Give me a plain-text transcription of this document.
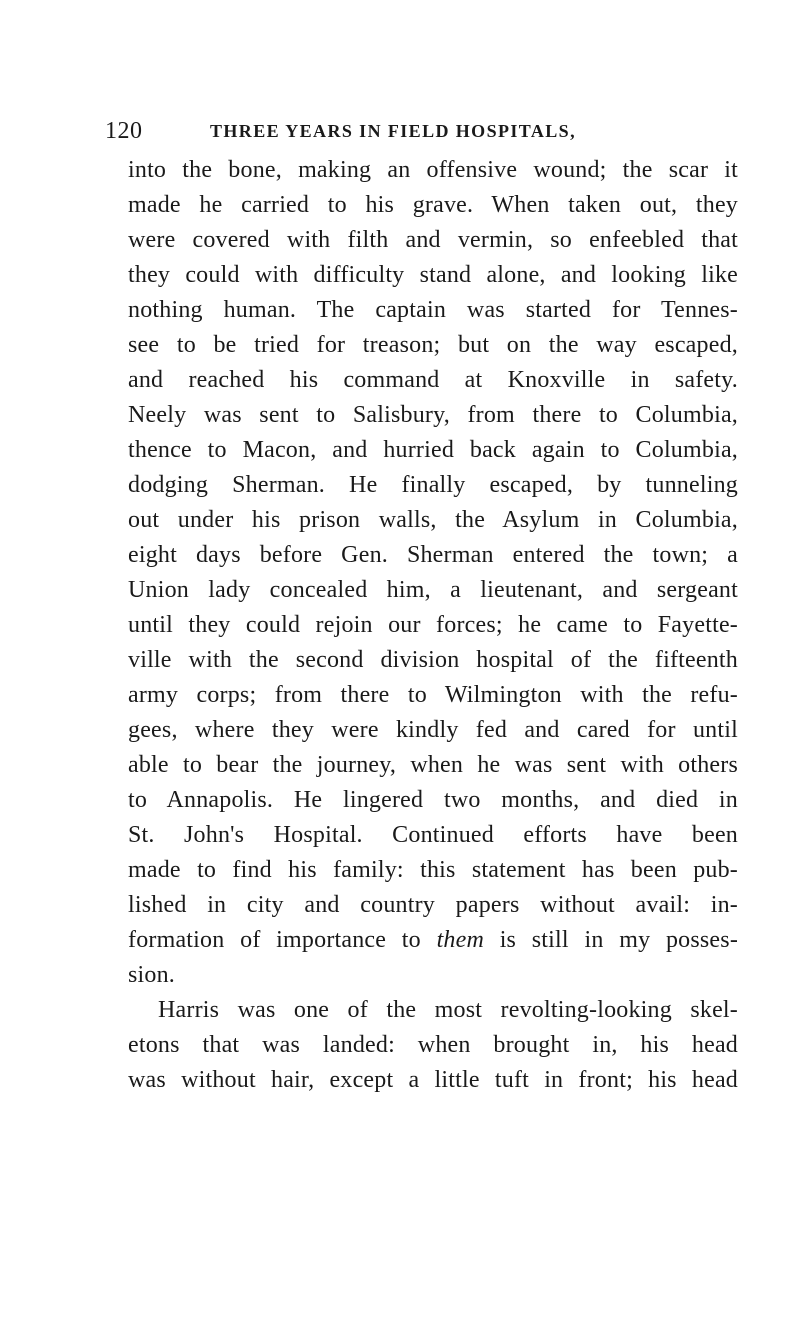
120	THREE YEARS IN FIELD HOSPITALS,
into the bone, making an offensive wound; the scar it
made he carried to his grave. When taken out, they
were covered with filth and vermin, so enfeebled that
they could with difficulty stand alone, and looking like
nothing human. The captain was started for Tennes-
see to be tried for treason; but on the way escaped,
and reached his command at Knoxville in safety.
Neely was sent to Salisbury, from there to Columbia,
thence to Macon, and hurried back again to Columbia,
dodging Sherman. He finally escaped, by tunneling
out under his prison walls, the Asylum in Columbia,
eight days before Gen. Sherman entered the town; a
Union lady concealed him, a lieutenant, and sergeant
until they could rejoin our forces; he came to Fayette-
ville with the second division hospital of the fifteenth
army corps; from there to Wilmington with the refu-
gees, where they were kindly fed and cared for until
able to bear the journey, when he was sent with others
to Annapolis. He lingered two months, and died in
St. John's Hospital. Continued efforts have been
made to find his family: this statement has been pub-
lished in city and country papers without avail: in-
formation of importance to them is still in my posses-
sion.
Harris was one of the most revolting-looking skel-
etons that was landed: when brought in, his head
was without hair, except a little tuft in front; his head
